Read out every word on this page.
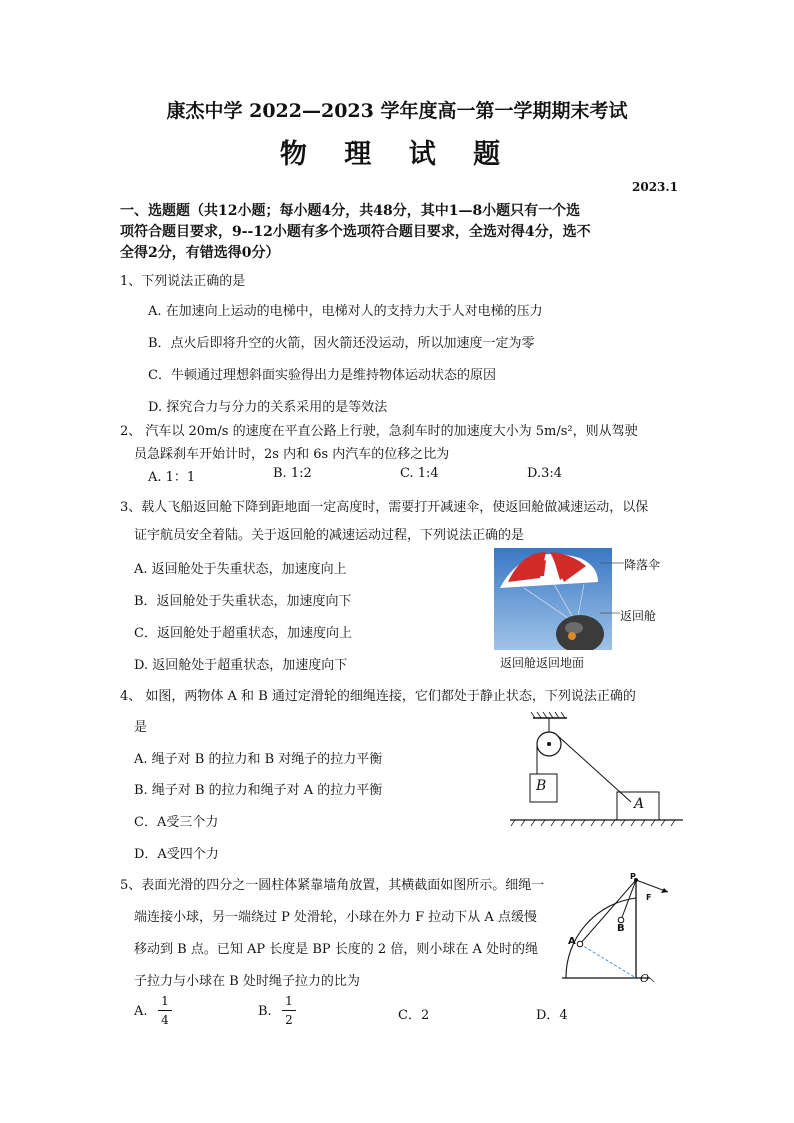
康杰中学 2022—2023 学年度高一第一学期期末考试
物 理 试 题
2023.1
一、选题题（共12小题；每小题4分，共48分，其中1—8小题只有一个选
项符合题目要求，9--12小题有多个选项符合题目要求，全选对得4分，选不
全得2分，有错选得0分）
1、下列说法正确的是
A. 在加速向上运动的电梯中，电梯对人的支持力大于人对电梯的压力
B．点火后即将升空的火箭，因火箭还没运动，所以加速度一定为零
C．牛顿通过理想斜面实验得出力是维持物体运动状态的原因
D. 探究合力与分力的关系采用的是等效法
2、 汽车以 20m/s 的速度在平直公路上行驶，急刹车时的加速度大小为 5m/s²，则从驾驶
员急踩刹车开始计时，2s 内和 6s 内汽车的位移之比为
A. 1：1	B. 1:2	C. 1:4	D.3:4
3、载人飞船返回舱下降到距地面一定高度时，需要打开减速伞，使返回舱做减速运动，以保
证宇航员安全着陆。关于返回舱的减速运动过程，下列说法正确的是
A. 返回舱处于失重状态，加速度向上
B．返回舱处于失重状态，加速度向下
C．返回舱处于超重状态，加速度向上
D. 返回舱处于超重状态，加速度向下
降落伞
返回舱
返回舱返回地面
4、 如图，两物体 A 和 B 通过定滑轮的细绳连接，它们都处于静止状态，下列说法正确的
是
A. 绳子对 B 的拉力和 B 对绳子的拉力平衡
B. 绳子对 B 的拉力和绳子对 A 的拉力平衡
C．A受三个力
D．A受四个力
B
A
5、表面光滑的四分之一圆柱体紧靠墙角放置，其横截面如图所示。细绳一
端连接小球，另一端绕过 P 处滑轮，小球在外力 F 拉动下从 A 点缓慢
移动到 B 点。已知 AP 长度是 BP 长度的 2 倍，则小球在 A 处时的绳
子拉力与小球在 B 处时绳子拉力的比为
A.
1
4
B.
1
2	C．2	D．4
P
F
A
B
O
